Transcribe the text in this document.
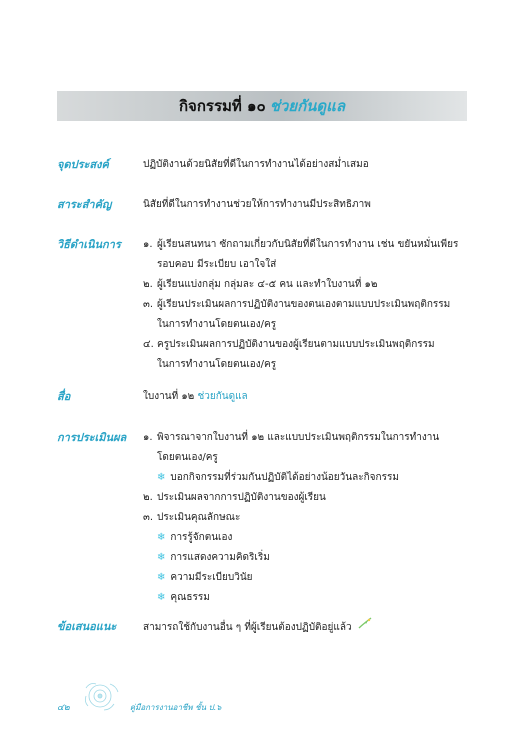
กิจกรรมที่ ๑๐ ช่วยกันดูแล
จุดประสงค์	ปฏิบัติงานด้วยนิสัยที่ดีในการทำงานได้อย่างสม่ำเสมอ
สาระสำคัญ	นิสัยที่ดีในการทำงานช่วยให้การทำงานมีประสิทธิภาพ
วิธีดำเนินการ	๑. ผู้เรียนสนทนา ซักถามเกี่ยวกับนิสัยที่ดีในการทำงาน เช่น ขยันหมั่นเพียร
รอบคอบ มีระเบียบ เอาใจใส่
๒. ผู้เรียนแบ่งกลุ่ม กลุ่มละ ๔-๕ คน และทำใบงานที่ ๑๒
๓. ผู้เรียนประเมินผลการปฏิบัติงานของตนเองตามแบบประเมินพฤติกรรม
ในการทำงานโดยตนเอง/ครู
๔. ครูประเมินผลการปฏิบัติงานของผู้เรียนตามแบบประเมินพฤติกรรม
ในการทำงานโดยตนเอง/ครู
สื่อ	ใบงานที่ ๑๒ ช่วยกันดูแล
การประเมินผล	๑. พิจารณาจากใบงานที่ ๑๒ และแบบประเมินพฤติกรรมในการทำงาน
โดยตนเอง/ครู
❄ บอกกิจกรรมที่ร่วมกันปฏิบัติได้อย่างน้อยวันละกิจกรรม
๒. ประเมินผลจากการปฏิบัติงานของผู้เรียน
๓. ประเมินคุณลักษณะ
❄ การรู้จักตนเอง
❄ การแสดงความคิดริเริ่ม
❄ ความมีระเบียบวินัย
❄ คุณธรรม
ข้อเสนอแนะ	สามารถใช้กับงานอื่น ๆ ที่ผู้เรียนต้องปฏิบัติอยู่แล้ว
๔๒	คู่มือการงานอาชีพ ชั้น ป.๖
